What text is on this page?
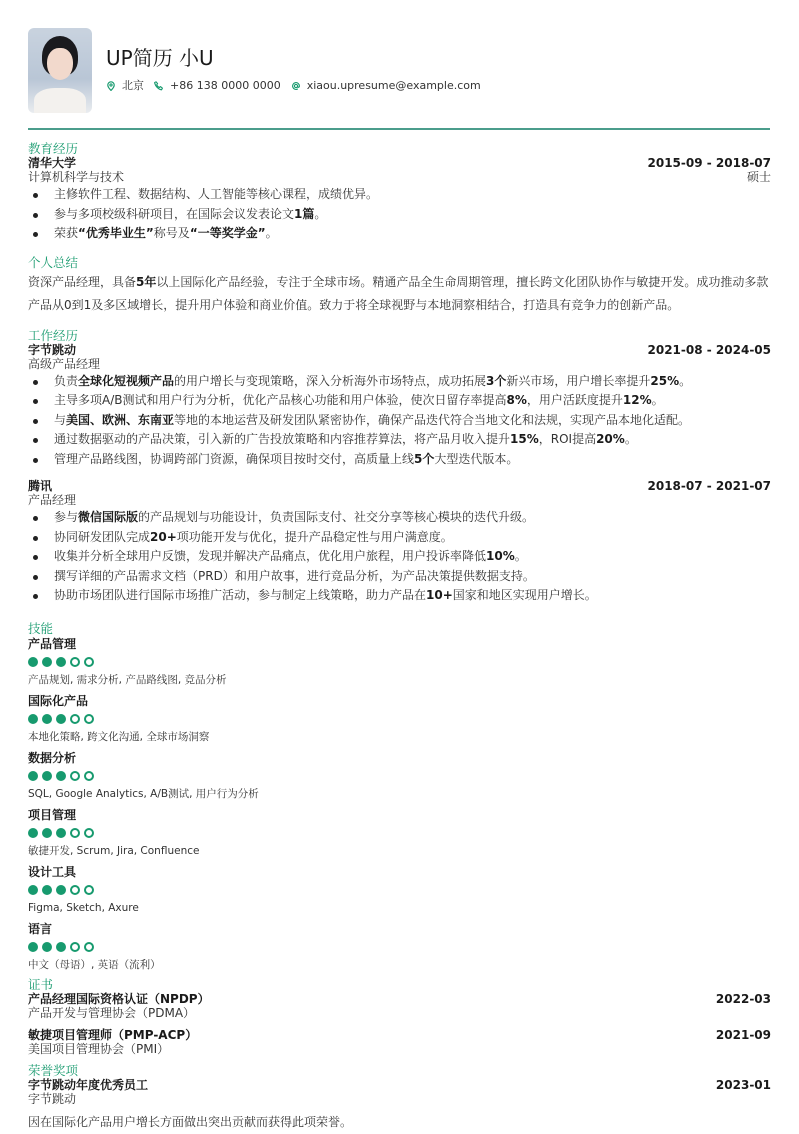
UP简历 小U
北京 +86 138 0000 0000 xiaou.upresume@example.com
教育经历
清华大学	2015-09 - 2018-07
计算机科学与技术	硕士
主修软件工程、数据结构、人工智能等核心课程，成绩优异。
参与多项校级科研项目，在国际会议发表论文1篇。
荣获“优秀毕业生”称号及“一等奖学金”。
个人总结

资深产品经理，具备5年以上国际化产品经验，专注于全球市场。精通产品全生命周期管理，擅长跨文化团队协作与敏捷开发。成功推动多款产品从0到1及多区域增长，提升用户体验和商业价值。致力于将全球视野与本地洞察相结合，打造具有竞争力的创新产品。

工作经历
字节跳动	2021-08 - 2024-05
高级产品经理
负责全球化短视频产品的用户增长与变现策略，深入分析海外市场特点，成功拓展3个新兴市场，用户增长率提升25%。
主导多项A/B测试和用户行为分析，优化产品核心功能和用户体验，使次日留存率提高8%，用户活跃度提升12%。
与美国、欧洲、东南亚等地的本地运营及研发团队紧密协作，确保产品迭代符合当地文化和法规，实现产品本地化适配。
通过数据驱动的产品决策，引入新的广告投放策略和内容推荐算法，将产品月收入提升15%，ROI提高20%。
管理产品路线图，协调跨部门资源，确保项目按时交付，高质量上线5个大型迭代版本。
腾讯	2018-07 - 2021-07
产品经理
参与微信国际版的产品规划与功能设计，负责国际支付、社交分享等核心模块的迭代升级。
协同研发团队完成20+项功能开发与优化，提升产品稳定性与用户满意度。
收集并分析全球用户反馈，发现并解决产品痛点，优化用户旅程，用户投诉率降低10%。
撰写详细的产品需求文档（PRD）和用户故事，进行竞品分析，为产品决策提供数据支持。
协助市场团队进行国际市场推广活动，参与制定上线策略，助力产品在10+国家和地区实现用户增长。
技能
产品管理
产品规划, 需求分析, 产品路线图, 竞品分析
国际化产品
本地化策略, 跨文化沟通, 全球市场洞察
数据分析
SQL, Google Analytics, A/B测试, 用户行为分析
项目管理
敏捷开发, Scrum, Jira, Confluence
设计工具
Figma, Sketch, Axure
语言
中文（母语）, 英语（流利）
证书
产品经理国际资格认证（NPDP）	2022-03
产品开发与管理协会（PDMA）
敏捷项目管理师（PMP-ACP）	2021-09
美国项目管理协会（PMI）
荣誉奖项
字节跳动年度优秀员工	2023-01
字节跳动
因在国际化产品用户增长方面做出突出贡献而获得此项荣誉。
